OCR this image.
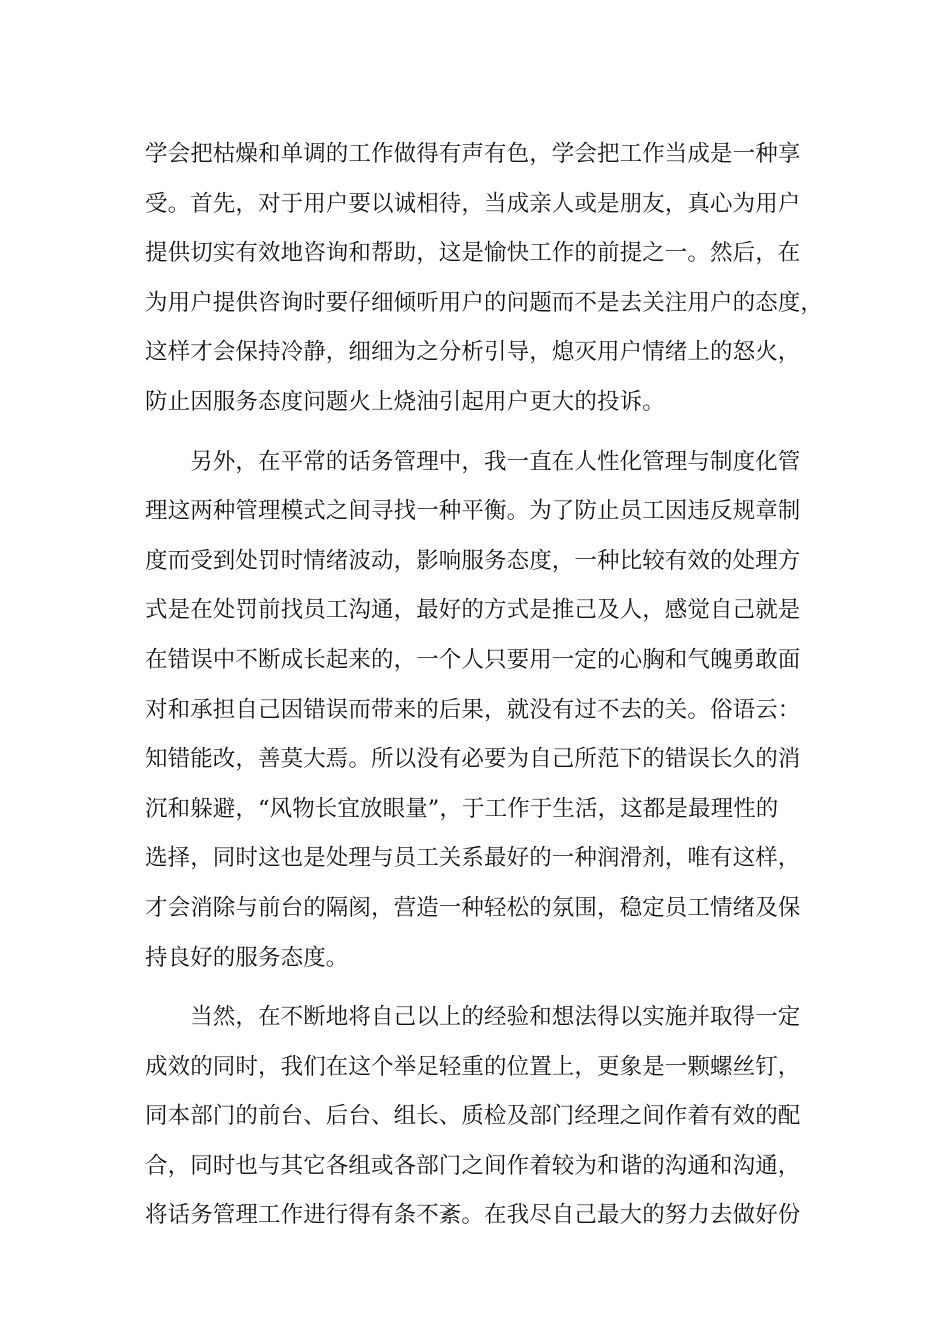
学会把枯燥和单调的工作做得有声有色，学会把工作当成是一种享
受。首先，对于用户要以诚相待，当成亲人或是朋友，真心为用户
提供切实有效地咨询和帮助，这是愉快工作的前提之一。然后，在
为用户提供咨询时要仔细倾听用户的问题而不是去关注用户的态度，
这样才会保持冷静，细细为之分析引导，熄灭用户情绪上的怒火，
防止因服务态度问题火上烧油引起用户更大的投诉。
　　另外，在平常的话务管理中，我一直在人性化管理与制度化管
理这两种管理模式之间寻找一种平衡。为了防止员工因违反规章制
度而受到处罚时情绪波动，影响服务态度，一种比较有效的处理方
式是在处罚前找员工沟通，最好的方式是推己及人，感觉自己就是
在错误中不断成长起来的，一个人只要用一定的心胸和气魄勇敢面
对和承担自己因错误而带来的后果，就没有过不去的关。俗语云：
知错能改，善莫大焉。所以没有必要为自己所范下的错误长久的消
沉和躲避，“风物长宜放眼量”，于工作于生活，这都是最理性的
选择，同时这也是处理与员工关系最好的一种润滑剂，唯有这样，
才会消除与前台的隔阂，营造一种轻松的氛围，稳定员工情绪及保
持良好的服务态度。
　　当然，在不断地将自己以上的经验和想法得以实施并取得一定
成效的同时，我们在这个举足轻重的位置上，更象是一颗螺丝钉，
同本部门的前台、后台、组长、质检及部门经理之间作着有效的配
合，同时也与其它各组或各部门之间作着较为和谐的沟通和沟通，
将话务管理工作进行得有条不紊。在我尽自己最大的努力去做好份
